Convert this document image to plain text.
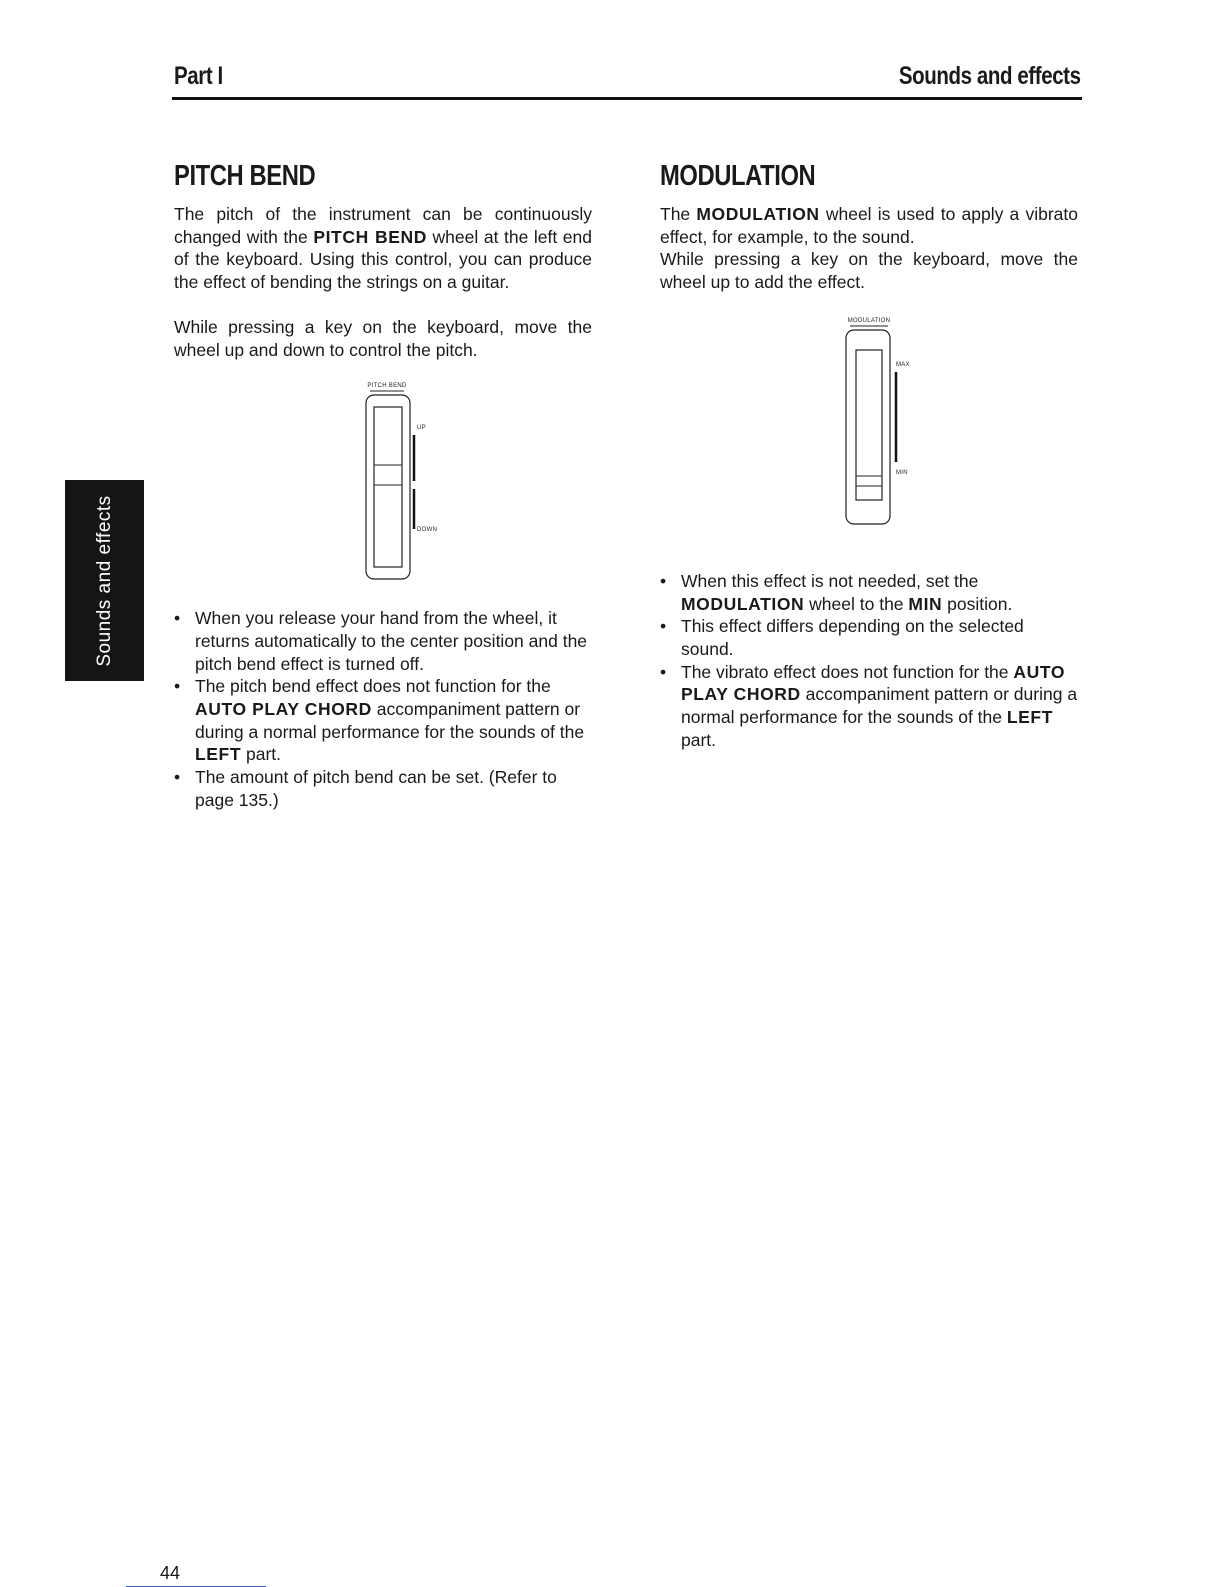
Part I	Sounds and effects
Sounds and effects
PITCH BEND

The pitch of the instrument can be continuously changed with the PITCH BEND wheel at the left end of the keyboard. Using this control, you can produce the effect of bending the strings on a guitar.

While pressing a key on the keyboard, move the wheel up and down to control the pitch.

PITCH BEND
UP
DOWN
• When you release your hand from the wheel, it returns automatically to the center position and the pitch bend effect is turned off.
• The pitch bend effect does not function for the AUTO PLAY CHORD accompaniment pattern or during a normal performance for the sounds of the LEFT part.
• The amount of pitch bend can be set. (Refer to page 135.)
MODULATION

The MODULATION wheel is used to apply a vibrato effect, for example, to the sound.

While pressing a key on the keyboard, move the wheel up to add the effect.

MODULATION
MAX
MIN
• When this effect is not needed, set the MODULATION wheel to the MIN position.
• This effect differs depending on the selected sound.
• The vibrato effect does not function for the AUTO PLAY CHORD accompaniment pattern or during a normal performance for the sounds of the LEFT part.
44
